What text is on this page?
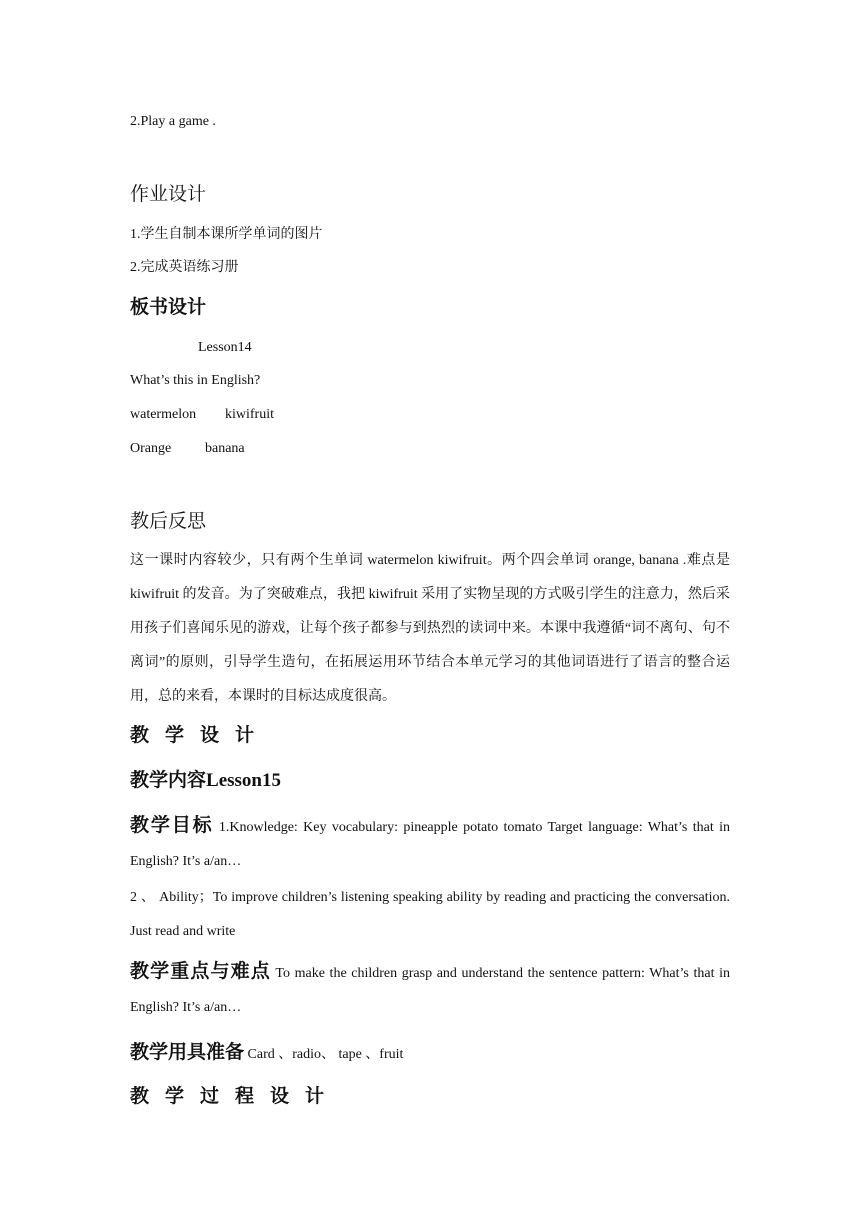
2.Play a game .
作业设计
1.学生自制本课所学单词的图片
2.完成英语练习册
板书设计
Lesson14
What’s this in English?
watermelon kiwifruit
Orange banana
教后反思
这一课时内容较少，只有两个生单词 watermelon kiwifruit。两个四会单词 orange, banana .难点是 kiwifruit 的发音。为了突破难点，我把 kiwifruit 采用了实物呈现的方式吸引学生的注意力，然后采用孩子们喜闻乐见的游戏，让每个孩子都参与到热烈的读词中来。本课中我遵循“词不离句、句不离词”的原则，引导学生造句，在拓展运用环节结合本单元学习的其他词语进行了语言的整合运用，总的来看，本课时的目标达成度很高。
教学设计
教学内容Lesson15
教学目标 1.Knowledge: Key vocabulary: pineapple potato tomato Target language: What’s that in English? It’s a/an…
2 、 Ability；To improve children’s listening speaking ability by reading and practicing the conversation. Just read and write
教学重点与难点 To make the children grasp and understand the sentence pattern: What’s that in English? It’s a/an…
教学用具准备 Card 、radio、 tape 、fruit
教学过程设计
